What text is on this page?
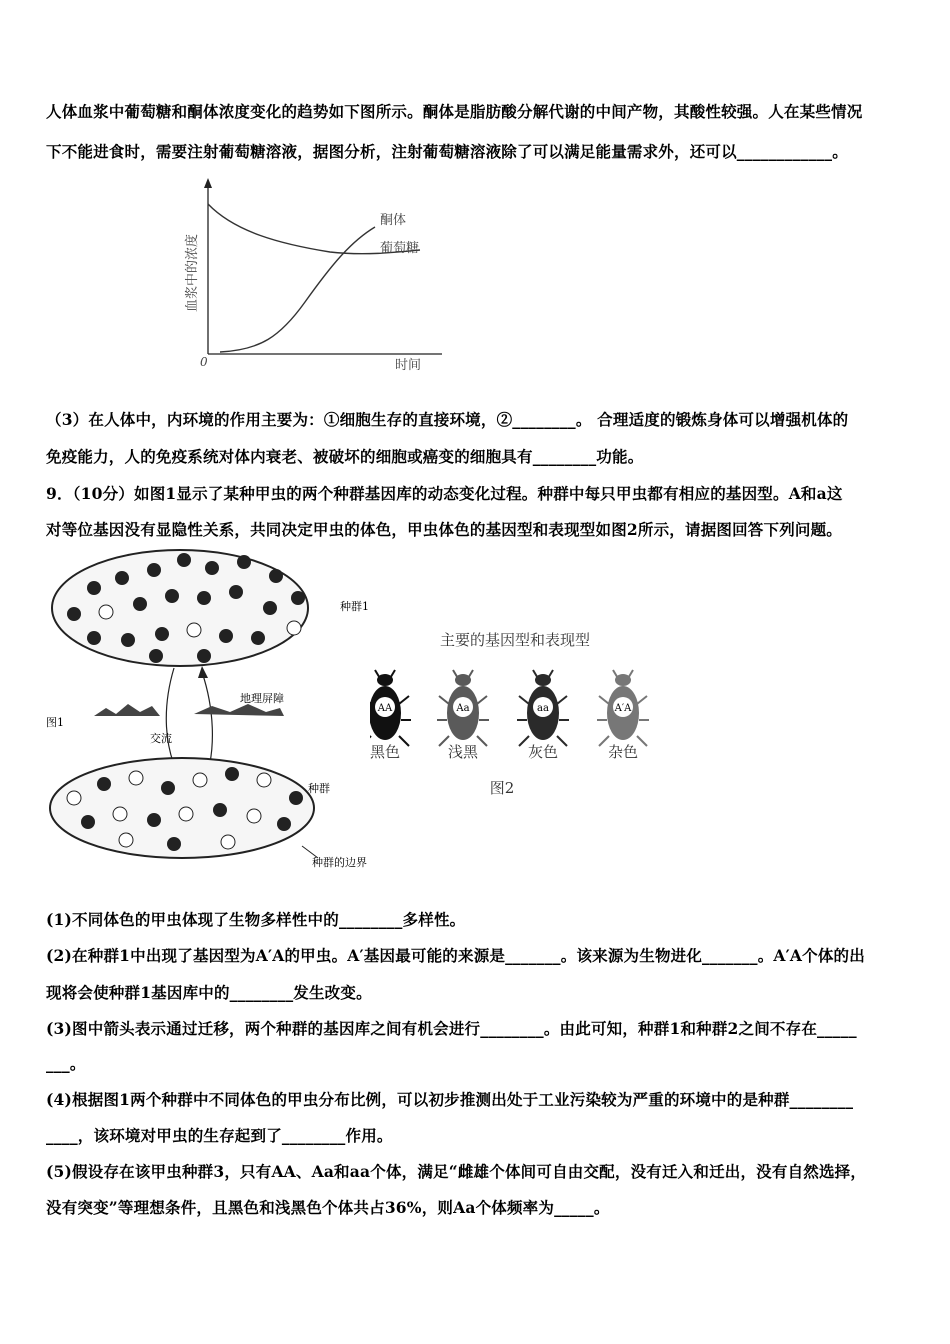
人体血浆中葡萄糖和酮体浓度变化的趋势如下图所示。酮体是脂肪酸分解代谢的中间产物，其酸性较强。人在某些情况
下不能进食时，需要注射葡萄糖溶液，据图分析，注射葡萄糖溶液除了可以满足能量需求外，还可以____________。
酮体
葡萄糖
0	时间
血浆中的浓度
（3）在人体中，内环境的作用主要为：①细胞生存的直接环境，②________。 合理适度的锻炼身体可以增强机体的
免疫能力，人的免疫系统对体内衰老、被破坏的细胞或癌变的细胞具有________功能。
9．（10分）如图1显示了某种甲虫的两个种群基因库的动态变化过程。种群中每只甲虫都有相应的基因型。A和a这
对等位基因没有显隐性关系，共同决定甲虫的体色，甲虫体色的基因型和表现型如图2所示，请据图回答下列问题。
种群1
地理屏障
图1
交流
种群
种群的边界
主要的基因型和表现型
AA
黑色
Aa
浅黑
aa
灰色
A′A
杂色
图2
(1)不同体色的甲虫体现了生物多样性中的________多样性。
(2)在种群1中出现了基因型为A′A的甲虫。A′基因最可能的来源是_______。该来源为生物进化_______。A′A个体的出
现将会使种群1基因库中的________发生改变。
(3)图中箭头表示通过迁移，两个种群的基因库之间有机会进行________。由此可知，种群1和种群2之间不存在_____
___。
(4)根据图1两个种群中不同体色的甲虫分布比例，可以初步推测出处于工业污染较为严重的环境中的是种群________
____，该环境对甲虫的生存起到了________作用。
(5)假设存在该甲虫种群3，只有AA、Aa和aa个体，满足“雌雄个体间可自由交配，没有迁入和迁出，没有自然选择，
没有突变”等理想条件，且黑色和浅黑色个体共占36%，则Aa个体频率为_____。
